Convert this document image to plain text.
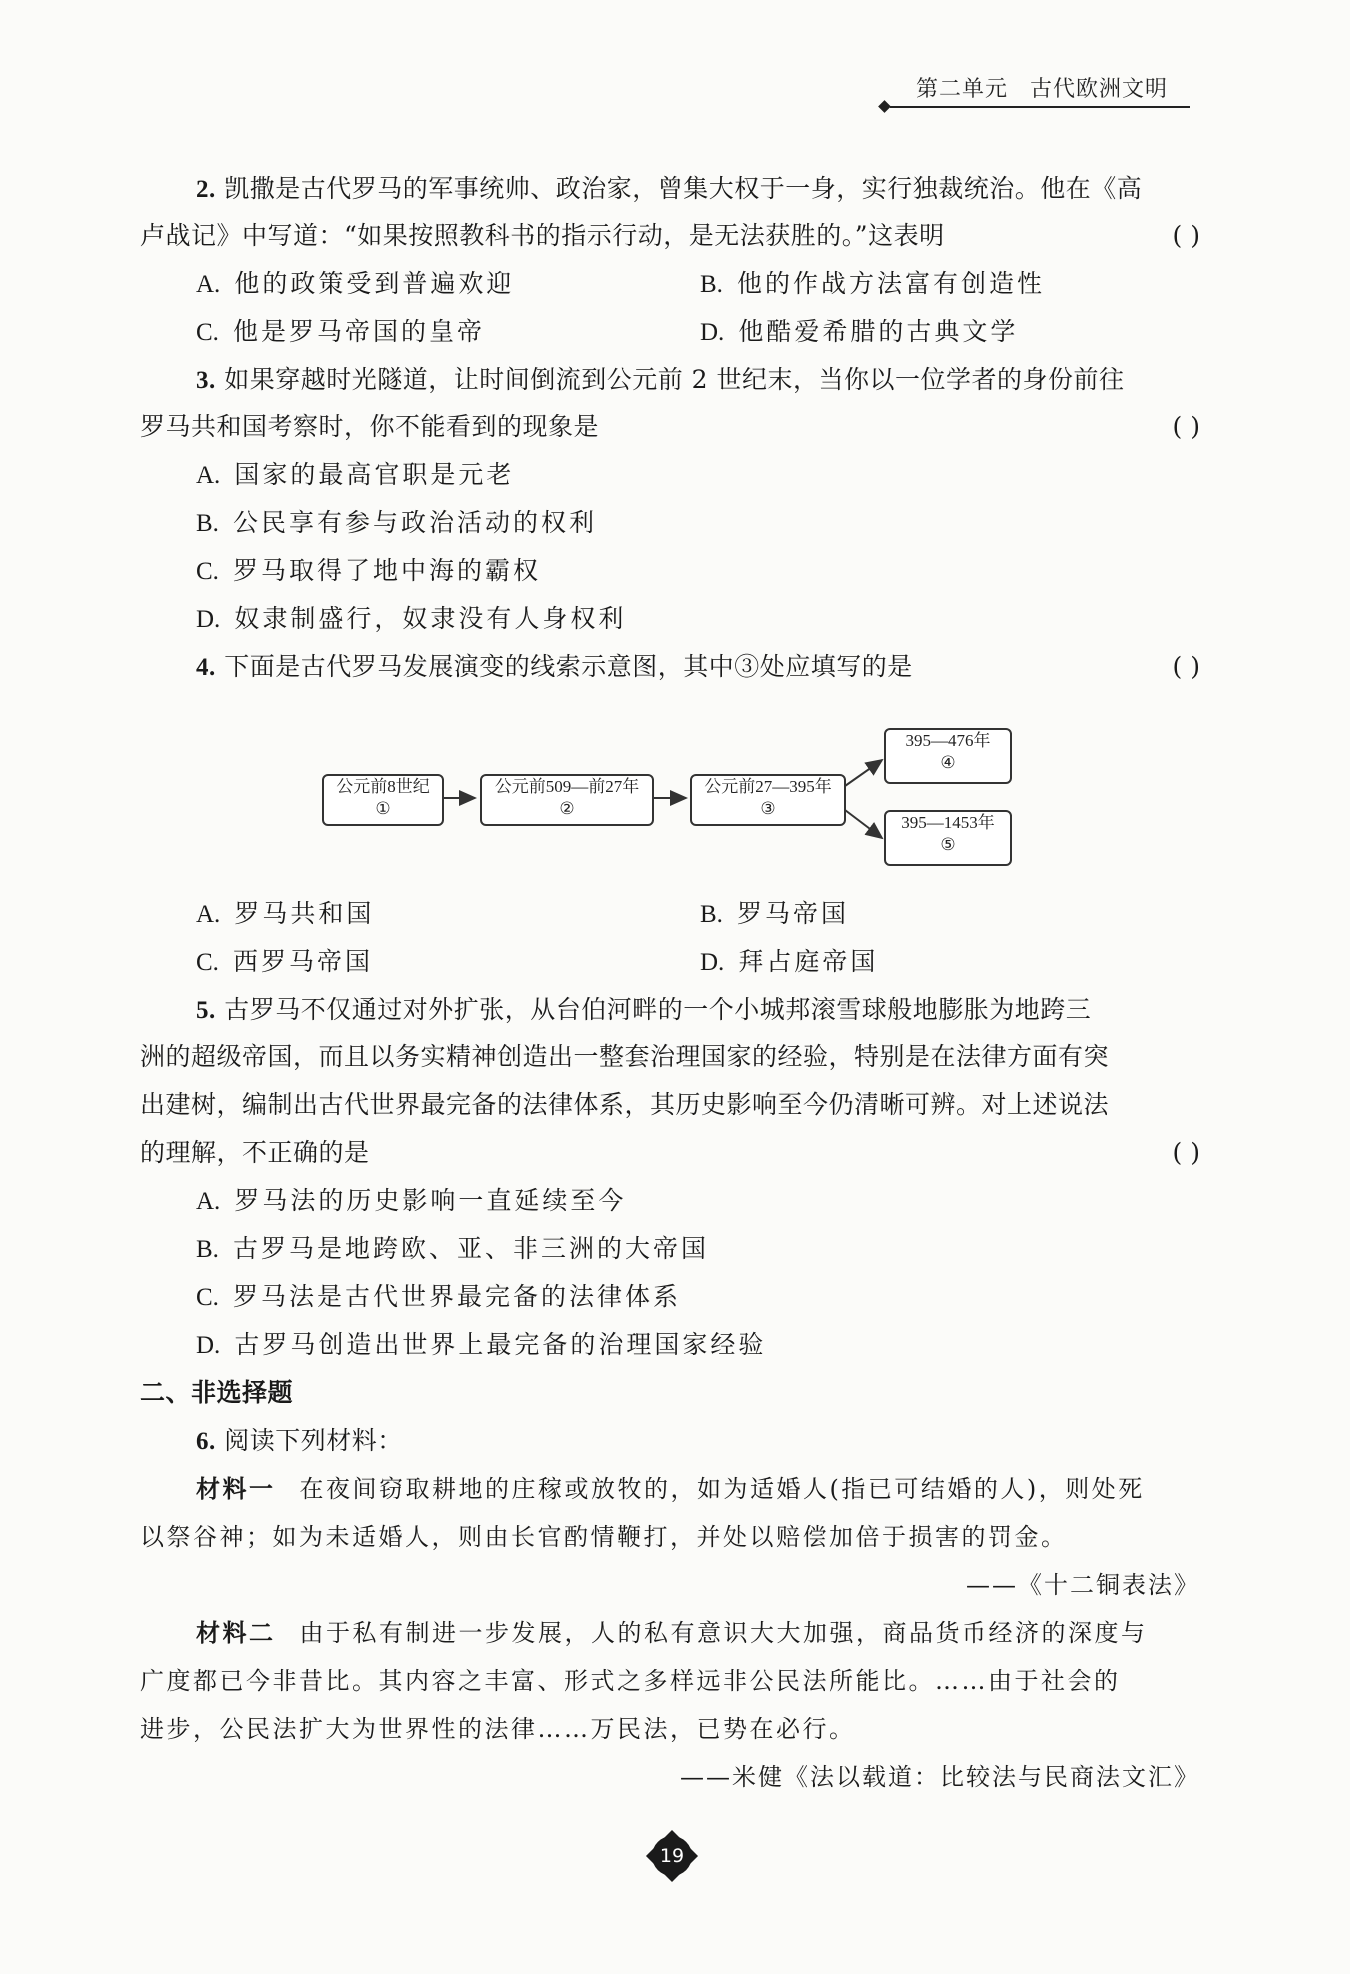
第二单元 古代欧洲文明
2. 凯撒是古代罗马的军事统帅、政治家，曾集大权于一身，实行独裁统治。他在《高
卢战记》中写道：“如果按照教科书的指示行动，是无法获胜的。”这表明	( )
A. 他的政策受到普遍欢迎	B. 他的作战方法富有创造性
C. 他是罗马帝国的皇帝	D. 他酷爱希腊的古典文学
3. 如果穿越时光隧道，让时间倒流到公元前 2 世纪末，当你以一位学者的身份前往
罗马共和国考察时，你不能看到的现象是	( )
A. 国家的最高官职是元老
B. 公民享有参与政治活动的权利
C. 罗马取得了地中海的霸权
D. 奴隶制盛行，奴隶没有人身权利
4. 下面是古代罗马发展演变的线索示意图，其中③处应填写的是	( )
公元前8世纪
①
公元前509—前27年
②
公元前27—395年
③
395—476年
④
395—1453年
⑤
A. 罗马共和国	B. 罗马帝国
C. 西罗马帝国	D. 拜占庭帝国
5. 古罗马不仅通过对外扩张，从台伯河畔的一个小城邦滚雪球般地膨胀为地跨三
洲的超级帝国，而且以务实精神创造出一整套治理国家的经验，特别是在法律方面有突
出建树，编制出古代世界最完备的法律体系，其历史影响至今仍清晰可辨。对上述说法
的理解，不正确的是	( )
A. 罗马法的历史影响一直延续至今
B. 古罗马是地跨欧、亚、非三洲的大帝国
C. 罗马法是古代世界最完备的法律体系
D. 古罗马创造出世界上最完备的治理国家经验
二、非选择题
6. 阅读下列材料：
材料一 在夜间窃取耕地的庄稼或放牧的，如为适婚人(指已可结婚的人)，则处死
以祭谷神；如为未适婚人，则由长官酌情鞭打，并处以赔偿加倍于损害的罚金。
——《十二铜表法》
材料二 由于私有制进一步发展，人的私有意识大大加强，商品货币经济的深度与
广度都已今非昔比。其内容之丰富、形式之多样远非公民法所能比。……由于社会的
进步，公民法扩大为世界性的法律……万民法，已势在必行。
——米健《法以载道：比较法与民商法文汇》
19
